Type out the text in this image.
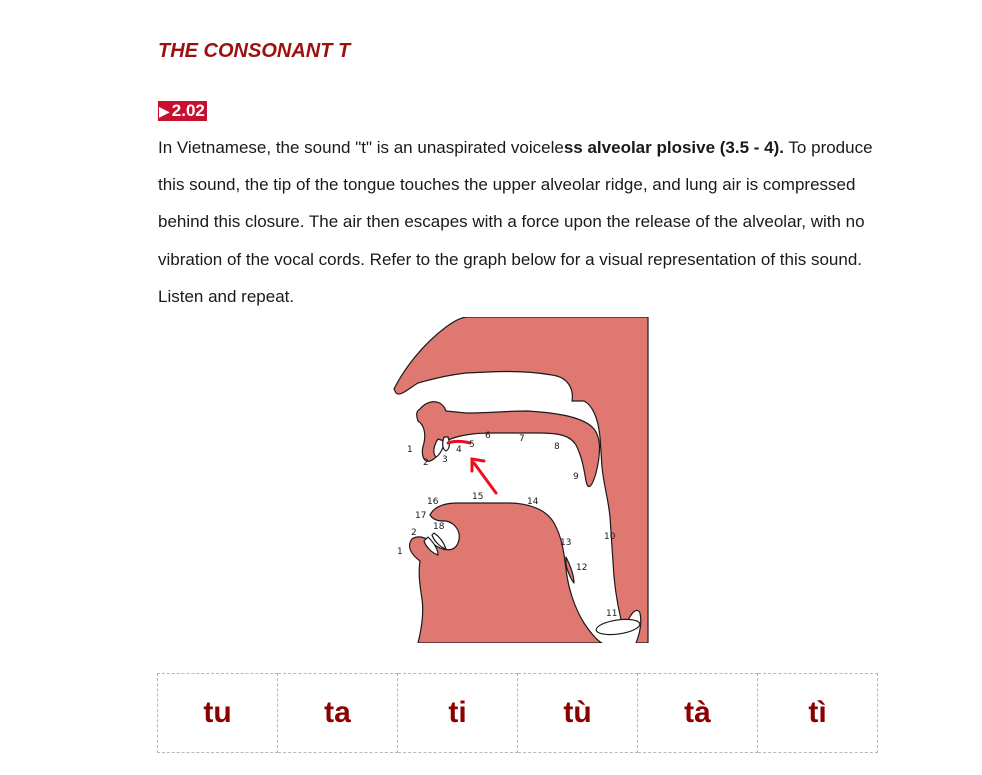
THE CONSONANT T
▶ 2.02

In Vietnamese, the sound "t" is an unaspirated voiceless alveolar plosive (3.5 - 4). To produce this sound, the tip of the tongue touches the upper alveolar ridge, and lung air is compressed behind this closure. The air then escapes with a force upon the release of the alveolar, with no vibration of the vocal cords. Refer to the graph below for a visual representation of this sound. Listen and repeat.

1
2 3
4 5
6	7
8
9
15	14
16
17
18
2
1
13
10
12
11
tu	ta	ti	tù	tà	tì
